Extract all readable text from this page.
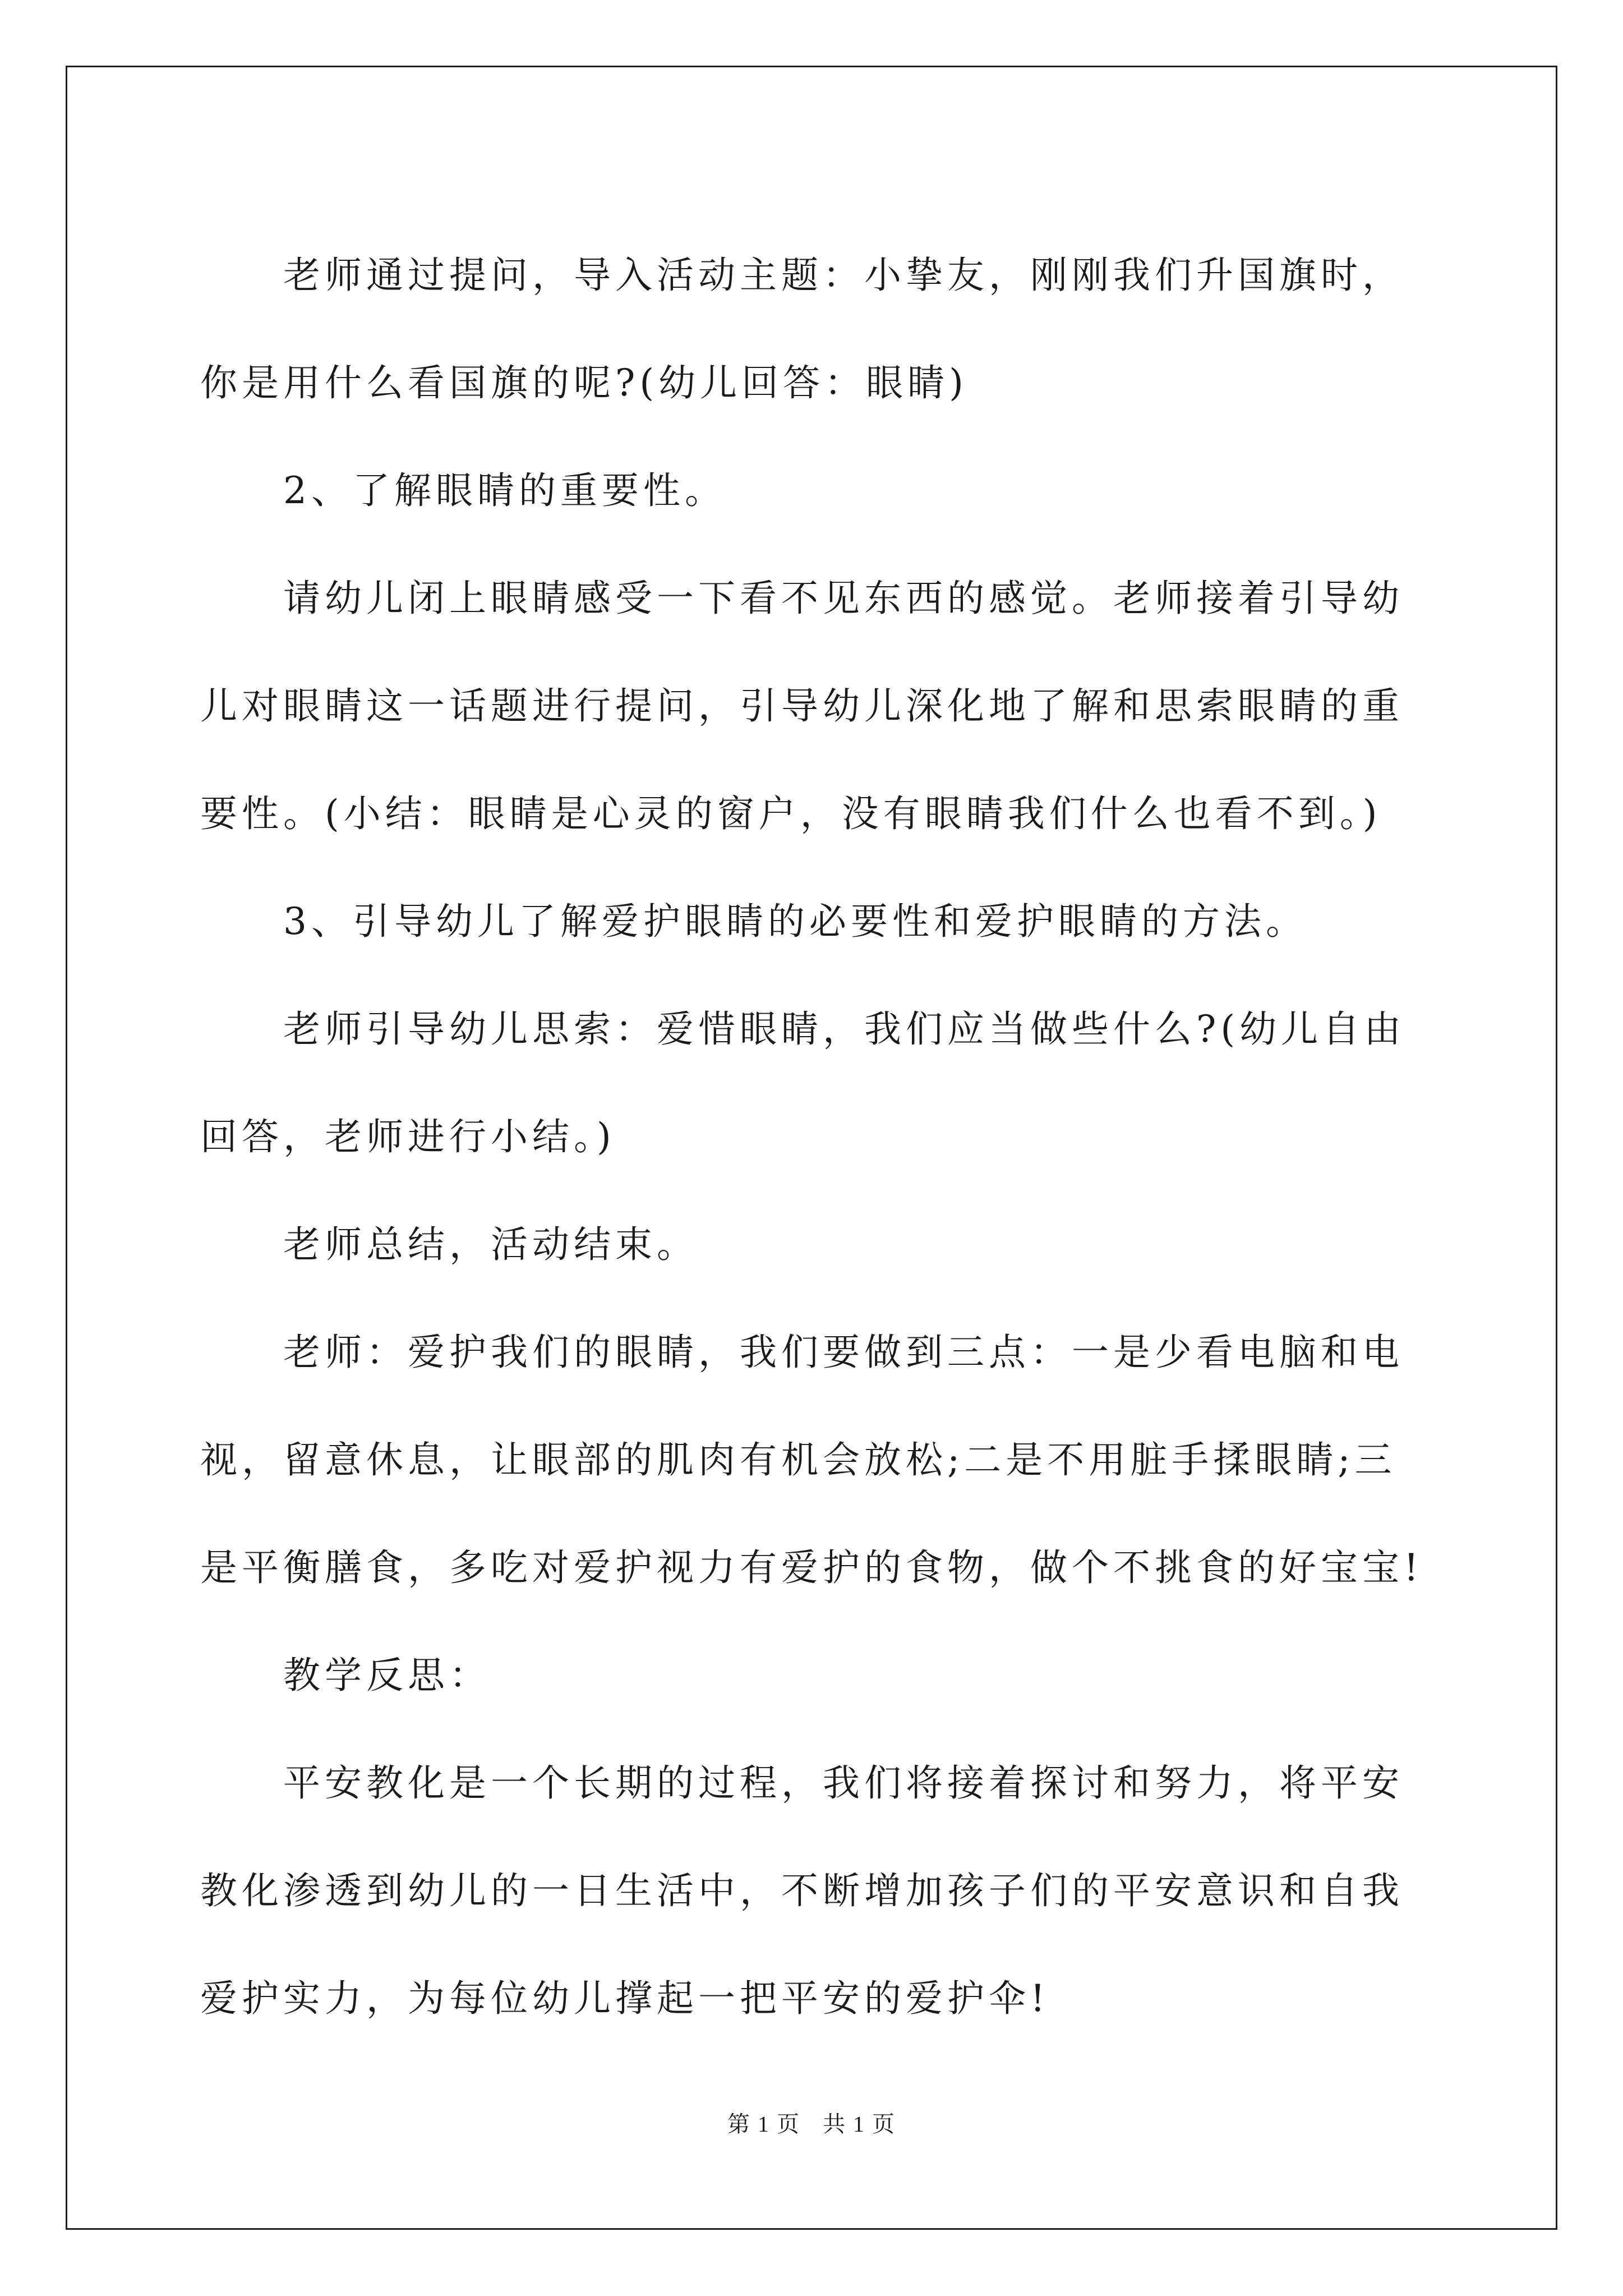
老师通过提问，导入活动主题：小挚友，刚刚我们升国旗时，你是用什么看国旗的呢?(幼儿回答：眼睛)

2、了解眼睛的重要性。

请幼儿闭上眼睛感受一下看不见东西的感觉。老师接着引导幼儿对眼睛这一话题进行提问，引导幼儿深化地了解和思索眼睛的重要性。(小结：眼睛是心灵的窗户，没有眼睛我们什么也看不到。)

3、引导幼儿了解爱护眼睛的必要性和爱护眼睛的方法。

老师引导幼儿思索：爱惜眼睛，我们应当做些什么?(幼儿自由回答，老师进行小结。)

老师总结，活动结束。

老师：爱护我们的眼睛，我们要做到三点：一是少看电脑和电视，留意休息，让眼部的肌肉有机会放松;二是不用脏手揉眼睛;三是平衡膳食，多吃对爱护视力有爱护的食物，做个不挑食的好宝宝!

教学反思：

平安教化是一个长期的过程，我们将接着探讨和努力，将平安教化渗透到幼儿的一日生活中，不断增加孩子们的平安意识和自我爱护实力，为每位幼儿撑起一把平安的爱护伞!

第 1 页 共 1 页
